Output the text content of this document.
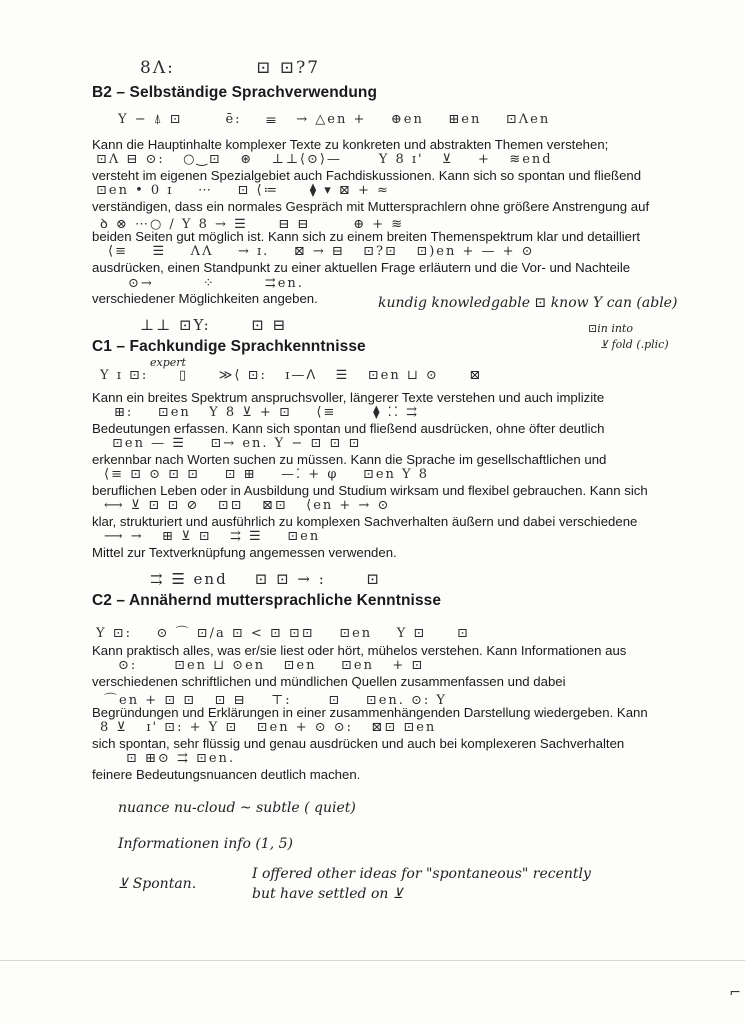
8Λ:           ⊡ ⊡?7
B2 – Selbständige Sprachverwendung
Y − ⍋ ⊡       ē:    ☰   → △en +    ⊕en    ⊞en    ⊡Λen
Kann die Hauptinhalte komplexer Texte zu konkreten und abstrakten Themen verstehen;
⊡Λ ⊟ ⊙:   ○‿⊡   ⊛   ⊥⊥⟨⊙⟩—      Y 8 ɪ'   ⊻    +   ≋end
versteht im eigenen Spezialgebiet auch Fachdiskussionen. Kann sich so spontan und fließend
⊡en • 0 ɪ    ⋯    ⊡ ⟨≔     ⧫ ▾ ⊠ + ≈
verständigen, dass ein normales Gespräch mit Muttersprachlern ohne größere Anstrengung auf
ꝺ ⊗ ⋯○ / Y 8 → ☰     ⊟ ⊟       ⊕ + ≋
beiden Seiten gut möglich ist. Kann sich zu einem breiten Themenspektrum klar und detailliert
⟨≡    ☰    ΛΛ    → ɪ.    ⊠ → ⊟   ⊡?⊡   ⊡)en + — + ⊙
ausdrücken, einen Standpunkt zu einer aktuellen Frage erläutern und die Vor- und Nachteile
⊙→        ⁘        ⇉en.
verschiedener Möglichkeiten angeben.	kundig knowledgable ⊡ know Y can (able)
⊥⊥ ⊡Y:      ⊡ ⊟	⊡in into
C1 – Fachkundige Sprachkenntnisse	⊻ fold (.plic)
expert
Y ɪ ⊡:     ▯     ≫⟨ ⊡:   ɪ—ᐱ   ☰   ⊡en ⊔ ⊙     ⊠
Kann ein breites Spektrum anspruchsvoller, längerer Texte verstehen und auch implizite
⊞:    ⊡en   Y 8 ⊻ + ⊡    ⟨≡      ⧫ ⁚⁚ ⇉
Bedeutungen erfassen. Kann sich spontan und fließend ausdrücken, ohne öfter deutlich
⊡en — ☰    ⊡→ en. Y − ⊡ ⊡ ⊡
erkennbar nach Worten suchen zu müssen. Kann die Sprache im gesellschaftlichen und
⟨≡ ⊡ ⊙ ⊡ ⊡    ⊡ ⊞    —⁚ + φ    ⊡en Y 8
beruflichen Leben oder in Ausbildung und Studium wirksam und flexibel gebrauchen. Kann sich
⟷ ⊻ ⊡ ⊡ ⊘   ⊡⊡   ⊠⊡   ⟨en + → ⊙
klar, strukturiert und ausführlich zu komplexen Sachverhalten äußern und dabei verschiedene
⟶ →   ⊞ ⊻ ⊡   ⇉ ☰    ⊡en
Mittel zur Textverknüpfung angemessen verwenden.
⇉ ☰ end    ⊡ ⊡ → :      ⊡
C2 – Annähernd muttersprachliche Kenntnisse
Y ⊡:    ⊙ ⌒ ⊡/a ⊡ < ⊡ ⊡⊡    ⊡en    Y ⊡     ⊡
Kann praktisch alles, was er/sie liest oder hört, mühelos verstehen. Kann Informationen aus
⊙:      ⊡en ⊔ ⊙en   ⊡en    ⊡en   + ⊡
verschiedenen schriftlichen und mündlichen Quellen zusammenfassen und dabei
⌒en + ⊡ ⊡   ⊡ ⊟    ⊤:      ⊡    ⊡en. ⊙: Y
Begründungen und Erklärungen in einer zusammenhängenden Darstellung wiedergeben. Kann
8 ⊻   ɪ' ⊡: + Y ⊡   ⊡en + ⊙ ⊙:   ⊠⊡ ⊡en
sich spontan, sehr flüssig und genau ausdrücken und auch bei komplexeren Sachverhalten
⊡ ⊞⊙ ⇉ ⊡en.
feinere Bedeutungsnuancen deutlich machen.
nuance nu-cloud ~ subtle ( quiet)
Informationen info (1, 5)
⊻ Spontan.
I offered other ideas for "spontaneous" recently
but have settled on ⊻
⌐
